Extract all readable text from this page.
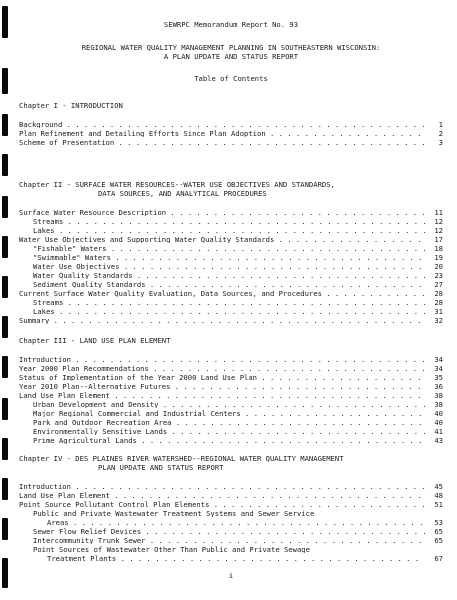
SEWRPC Memorandum Report No. 93
REGIONAL WATER QUALITY MANAGEMENT PLANNING IN SOUTHEASTERN WISCONSIN:
A PLAN UPDATE AND STATUS REPORT
Table of Contents
Chapter I - INTRODUCTION
Background . . .	1
Plan Refinement and Detailing Efforts Since Plan Adoption . . .	2
Scheme of Presentation . . .	3
Chapter II - SURFACE WATER RESOURCES--WATER USE OBJECTIVES AND STANDARDS,
DATA SOURCES, AND ANALYTICAL PROCEDURES
Surface Water Resource Description . . .	11
Streams . . .	12
Lakes . . .	12
Water Use Objectives and Supporting Water Quality Standards . . .	17
"Fishable" Waters . . .	18
"Swimmable" Waters . . .	19
Water Use Objectives . . .	20
Water Quality Standards . . .	23
Sediment Quality Standards . . .	27
Current Surface Water Quality Evaluation, Data Sources, and Procedures . . .	28
Streams . . .	28
Lakes . . .	31
Summary . . .	32
Chapter III - LAND USE PLAN ELEMENT
Introduction . . .	34
Year 2000 Plan Recommendations . . .	34
Status of Implementation of the Year 2000 Land Use Plan . . .	35
Year 2010 Plan--Alternative Futures . . .	36
Land Use Plan Element . . .	38
Urban Development and Density . . .	38
Major Regional Commercial and Industrial Centers . . .	40
Park and Outdoor Recreation Area . . .	40
Environmentally Sensitive Lands . . .	41
Prime Agricultural Lands . . .	43
Chapter IV - DES PLAINES RIVER WATERSHED--REGIONAL WATER QUALITY MANAGEMENT
PLAN UPDATE AND STATUS REPORT
Introduction . . .	45
Land Use Plan Element . . .	48
Point Source Pollutant Control Plan Elements . . .	51
Public and Private Wastewater Treatment Systems and Sewer Service
Areas . . .	53
Sewer Flow Relief Devices . . .	65
Intercommunity Trunk Sewer . . .	65
Point Sources of Wastewater Other Than Public and Private Sewage
Treatment Plants . . .	67
i
